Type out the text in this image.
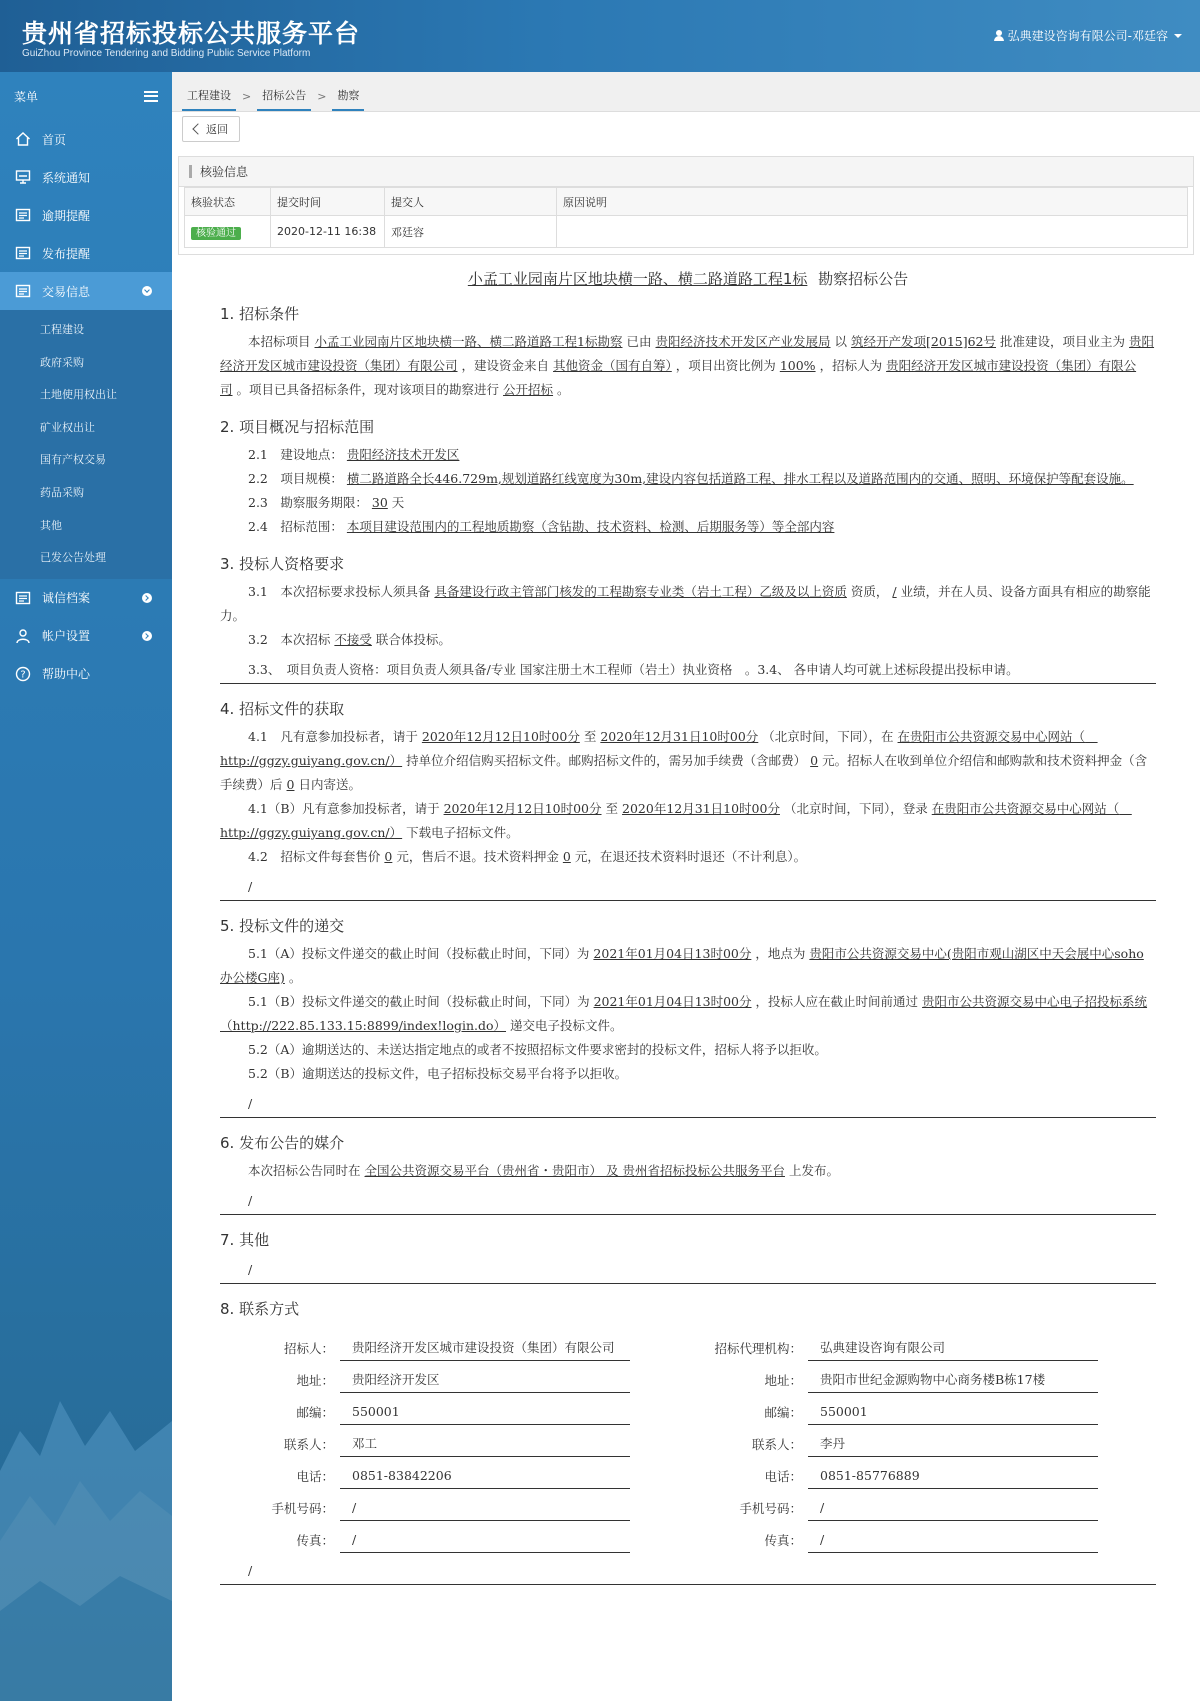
贵州省招标投标公共服务平台
GuiZhou Province Tendering and Bidding Public Service Platform
弘典建设咨询有限公司-邓廷容
菜单
首页
系统通知
逾期提醒
发布提醒
交易信息
工程建设
政府采购
土地使用权出让
矿业权出让
国有产权交易
药品采购
其他
已发公告处理
诚信档案
帐户设置
? 帮助中心
工程建设	>	招标公告	>	勘察
返回
核验信息
核验状态	提交时间	提交人	原因说明
核验通过	2020-12-11 16:38	邓廷容	
小孟工业园南片区地块横一路、横二路道路工程1标 勘察招标公告
1. 招标条件
本招标项目 小孟工业园南片区地块横一路、横二路道路工程1标勘察 已由 贵阳经济技术开发区产业发展局 以 筑经开产发项[2015]62号 批准建设，项目业主为 贵阳经济开发区城市建设投资（集团）有限公司 ，建设资金来自 其他资金（国有自筹） ，项目出资比例为 100% ，招标人为 贵阳经济开发区城市建设投资（集团）有限公司 。项目已具备招标条件，现对该项目的勘察进行 公开招标 。
2. 项目概况与招标范围
2.1　建设地点： 贵阳经济技术开发区
2.2　项目规模： 横二路道路全长446.729m,规划道路红线宽度为30m,建设内容包括道路工程、排水工程以及道路范围内的交通、照明、环境保护等配套设施。
2.3　勘察服务期限： 30 天
2.4　招标范围： 本项目建设范围内的工程地质勘察（含钻勘、技术资料、检测、后期服务等）等全部内容
3. 投标人资格要求
3.1　本次招标要求投标人须具备 具备建设行政主管部门核发的工程勘察专业类（岩土工程）乙级及以上资质 资质， / 业绩，并在人员、设备方面具有相应的勘察能力。
3.2　本次招标 不接受 联合体投标。
3.3、　项目负责人资格：项目负责人须具备/专业 国家注册土木工程师（岩土）执业资格　。3.4、 各申请人均可就上述标段提出投标申请。
4. 招标文件的获取
4.1　凡有意参加投标者，请于 2020年12月12日10时00分 至 2020年12月31日10时00分 （北京时间，下同），在 在贵阳市公共资源交易中心网站（　http://ggzy.guiyang.gov.cn/） 持单位介绍信购买招标文件。邮购招标文件的，需另加手续费（含邮费） 0 元。招标人在收到单位介绍信和邮购款和技术资料押金（含手续费）后 0 日内寄送。
4.1（B）凡有意参加投标者，请于 2020年12月12日10时00分 至 2020年12月31日10时00分 （北京时间，下同），登录 在贵阳市公共资源交易中心网站（　http://ggzy.guiyang.gov.cn/） 下载电子招标文件。
4.2　招标文件每套售价 0 元，售后不退。技术资料押金 0 元，在退还技术资料时退还（不计利息）。
/
5. 投标文件的递交
5.1（A）投标文件递交的截止时间（投标截止时间，下同）为 2021年01月04日13时00分 ，地点为 贵阳市公共资源交易中心(贵阳市观山湖区中天会展中心soho办公楼G座) 。
5.1（B）投标文件递交的截止时间（投标截止时间，下同）为 2021年01月04日13时00分 ，投标人应在截止时间前通过 贵阳市公共资源交易中心电子招投标系统（http://222.85.133.15:8899/index!login.do） 递交电子投标文件。
5.2（A）逾期送达的、未送达指定地点的或者不按照招标文件要求密封的投标文件，招标人将予以拒收。
5.2（B）逾期送达的投标文件，电子招标投标交易平台将予以拒收。
/
6. 发布公告的媒介
本次招标公告同时在 全国公共资源交易平台（贵州省・贵阳市） 及 贵州省招标投标公共服务平台 上发布。
/
7. 其他
/
8. 联系方式
招标人：	贵阳经济开发区城市建设投资（集团）有限公司
地址：	贵阳经济开发区
邮编：	550001
联系人：	邓工
电话：	0851-83842206
手机号码：	/
传真：	/
招标代理机构：	弘典建设咨询有限公司
地址：	贵阳市世纪金源购物中心商务楼B栋17楼
邮编：	550001
联系人：	李丹
电话：	0851-85776889
手机号码：	/
传真：	/
/
